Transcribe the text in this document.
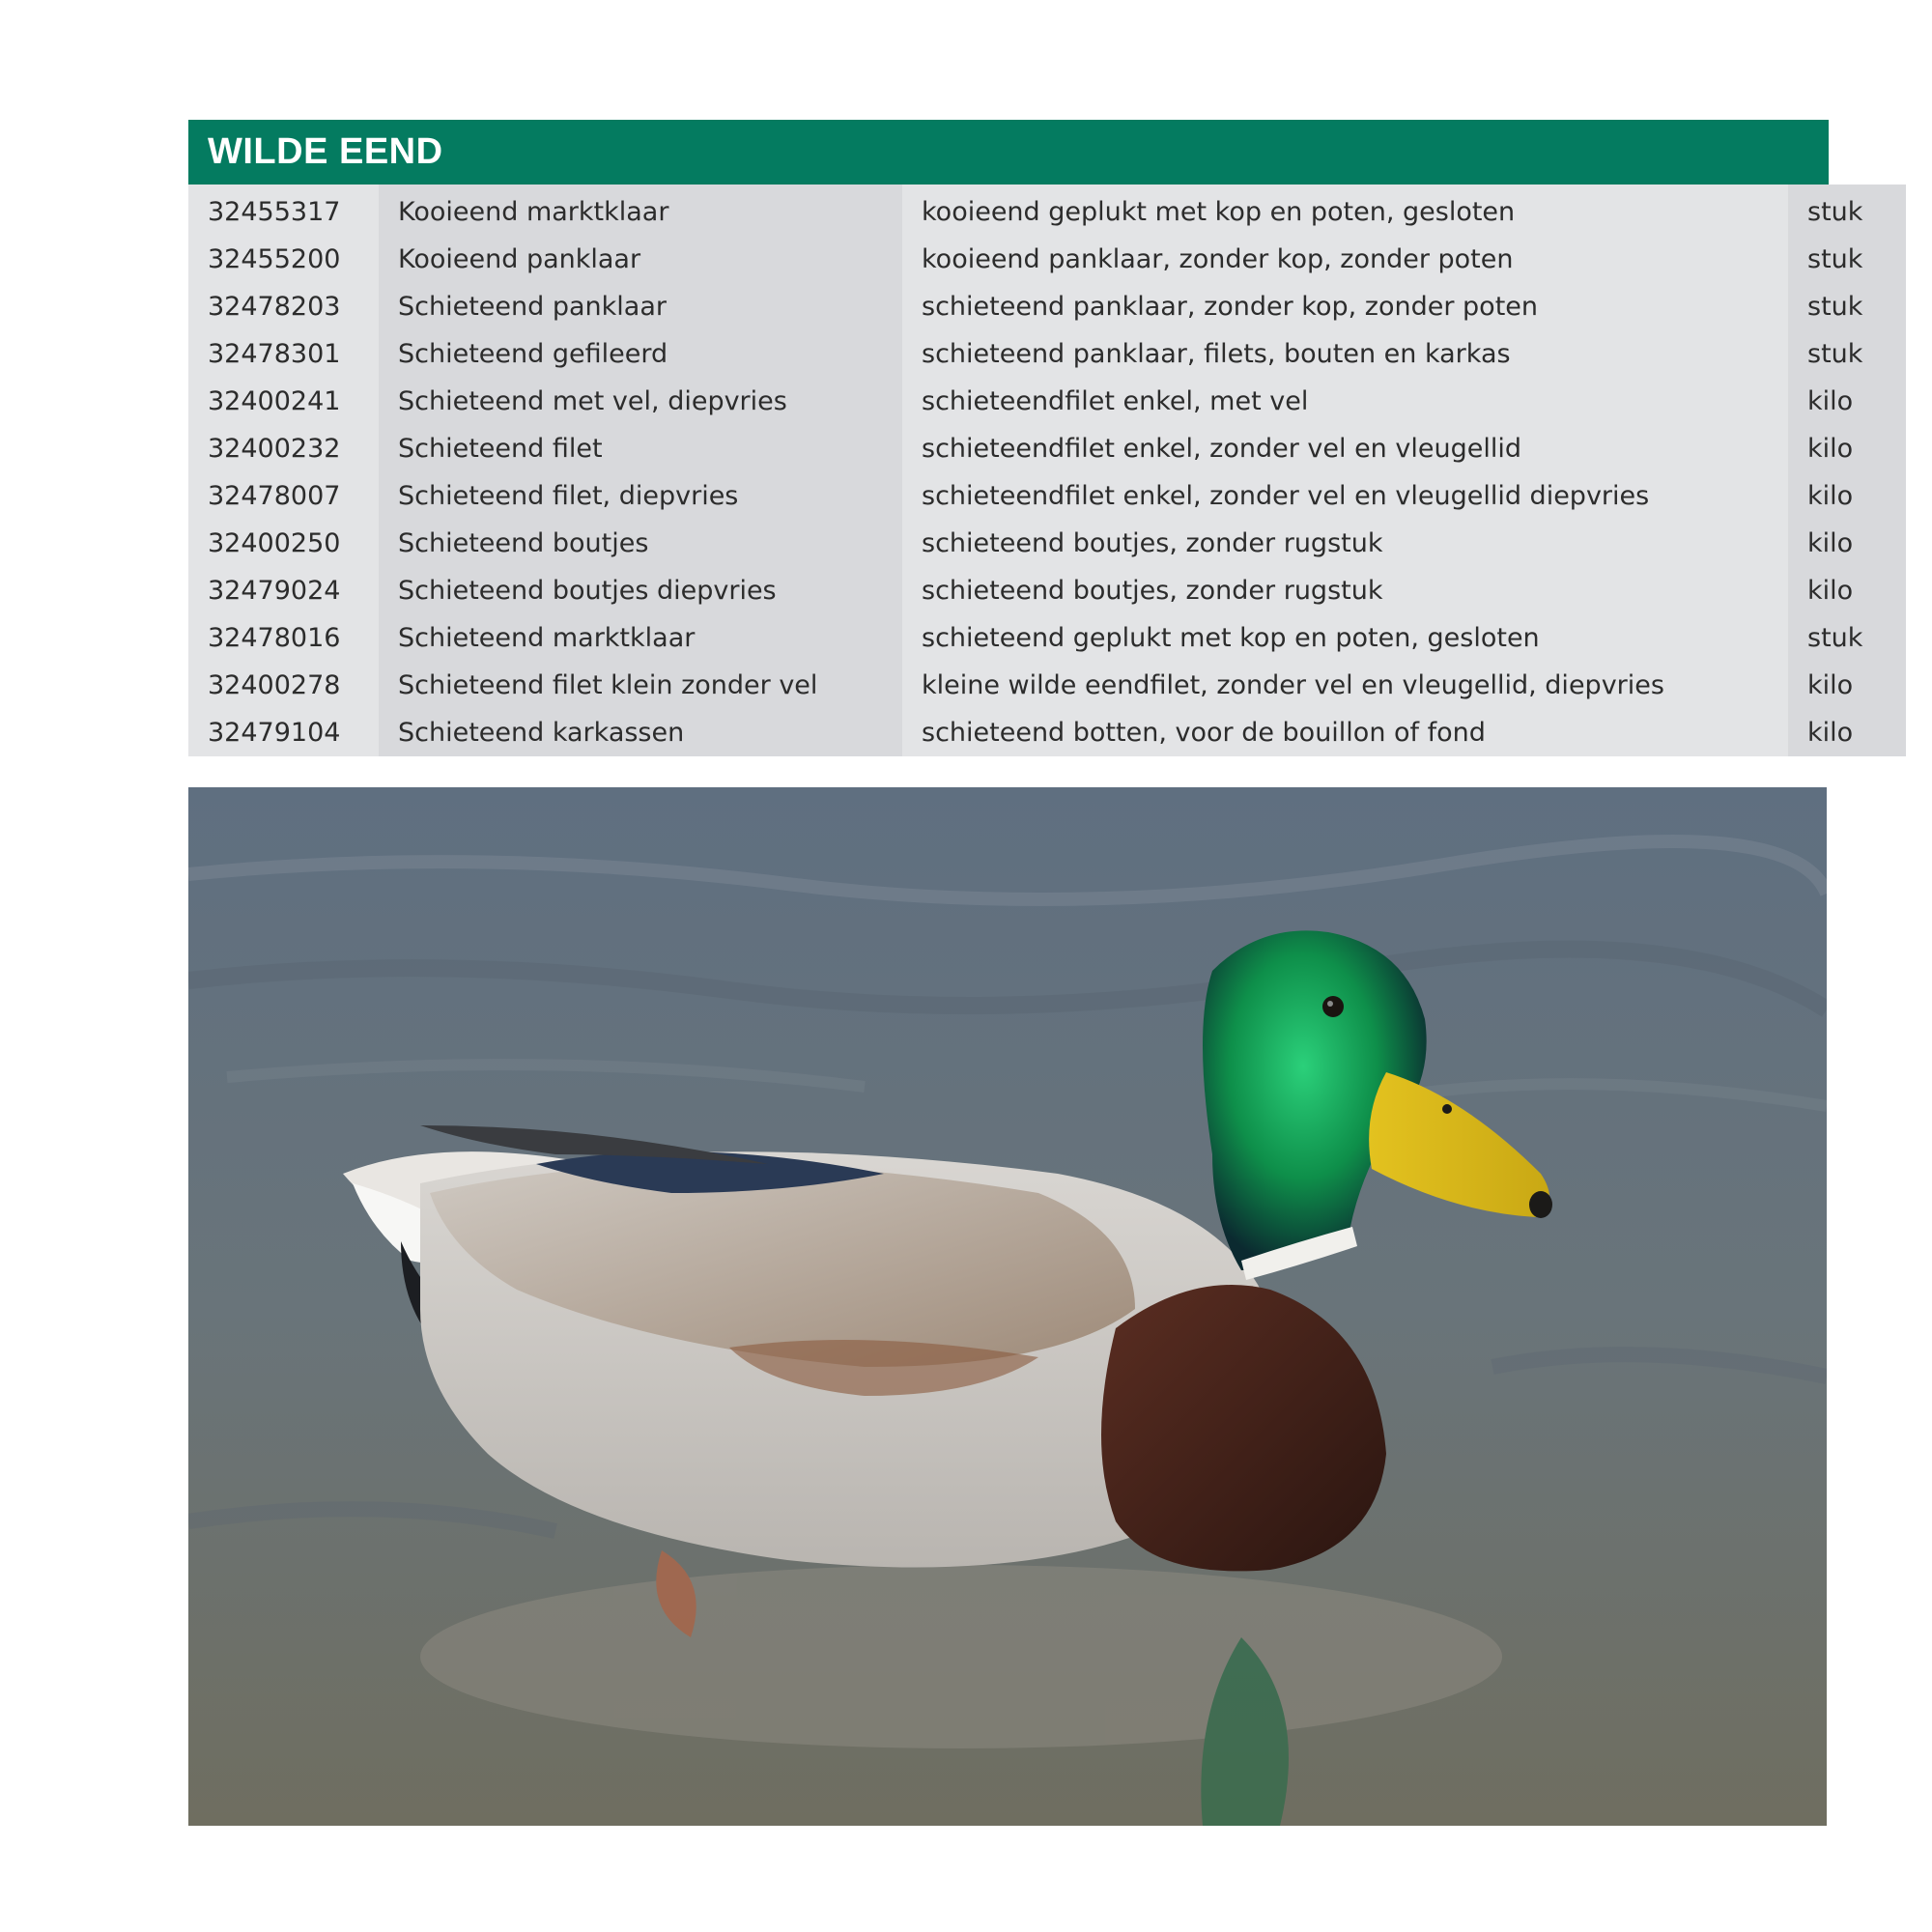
WILDE EEND
32455317	Kooieend marktklaar	kooieend geplukt met kop en poten, gesloten	stuk
32455200	Kooieend panklaar	kooieend panklaar, zonder kop, zonder poten	stuk
32478203	Schieteend panklaar	schieteend panklaar, zonder kop, zonder poten	stuk
32478301	Schieteend gefileerd	schieteend panklaar, filets, bouten en karkas	stuk
32400241	Schieteend met vel, diepvries	schieteendfilet enkel, met vel	kilo
32400232	Schieteend filet	schieteendfilet enkel, zonder vel en vleugellid	kilo
32478007	Schieteend filet, diepvries	schieteendfilet enkel, zonder vel en vleugellid diepvries	kilo
32400250	Schieteend boutjes	schieteend boutjes, zonder rugstuk	kilo
32479024	Schieteend boutjes diepvries	schieteend boutjes, zonder rugstuk	kilo
32478016	Schieteend marktklaar	schieteend geplukt met kop en poten, gesloten	stuk
32400278	Schieteend filet klein zonder vel	kleine wilde eendfilet, zonder vel en vleugellid, diepvries	kilo
32479104	Schieteend karkassen	schieteend botten, voor de bouillon of fond	kilo
